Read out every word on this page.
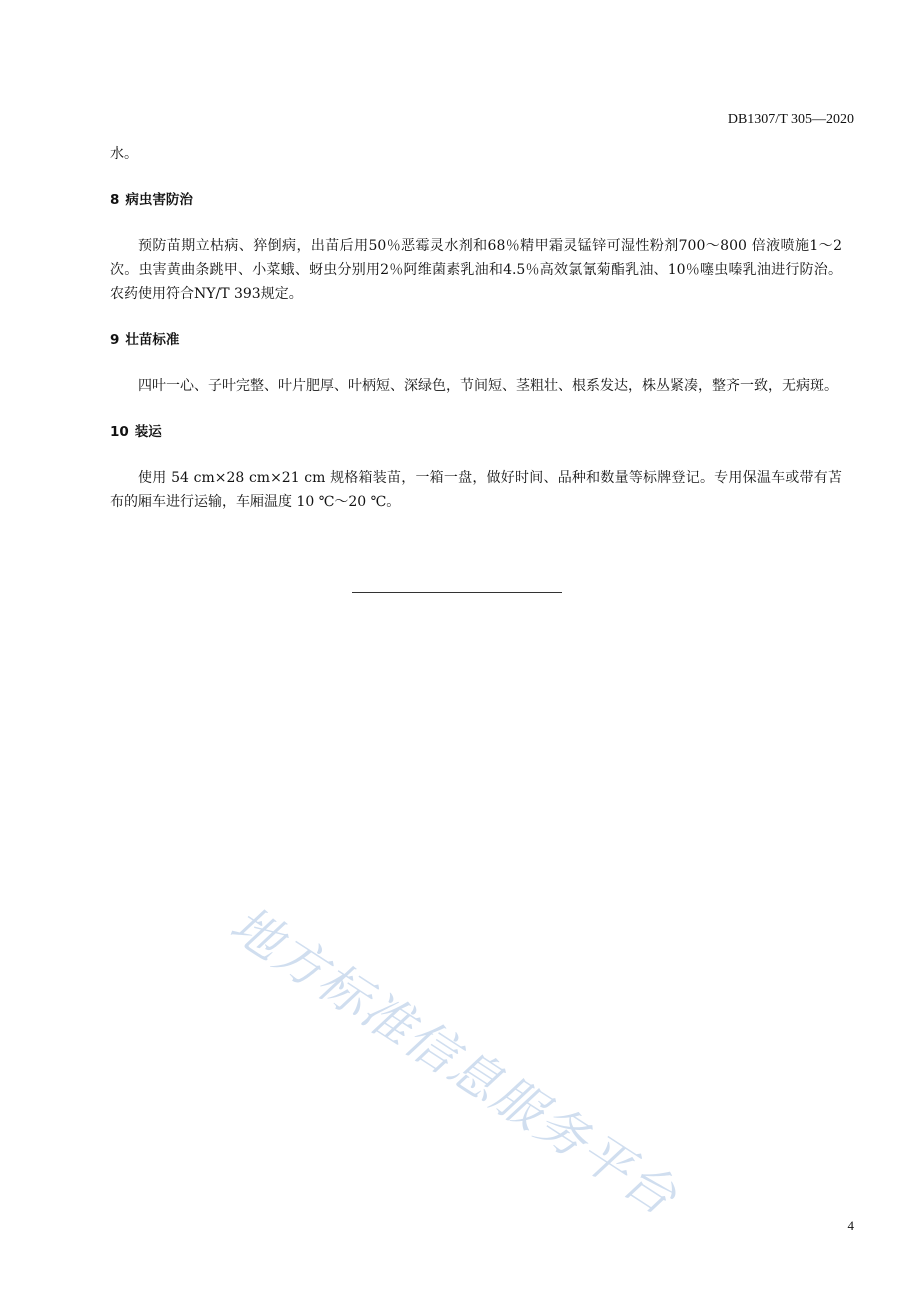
DB1307/T 305—2020

水。

8 病虫害防治

预防苗期立枯病、猝倒病，出苗后用50％恶霉灵水剂和68％精甲霜灵锰锌可湿性粉剂700～800 倍液喷施1～2 次。虫害黄曲条跳甲、小菜蛾、蚜虫分别用2％阿维菌素乳油和4.5％高效氯氰菊酯乳油、10％噻虫嗪乳油进行防治。农药使用符合NY/T 393规定。

9 壮苗标准

四叶一心、子叶完整、叶片肥厚、叶柄短、深绿色，节间短、茎粗壮、根系发达，株丛紧凑，整齐一致，无病斑。

10 装运

使用 54 cm×28 cm×21 cm 规格箱装苗，一箱一盘，做好时间、品种和数量等标牌登记。专用保温车或带有苫布的厢车进行运输，车厢温度 10 ℃～20 ℃。

地方标准信息服务平台	4
